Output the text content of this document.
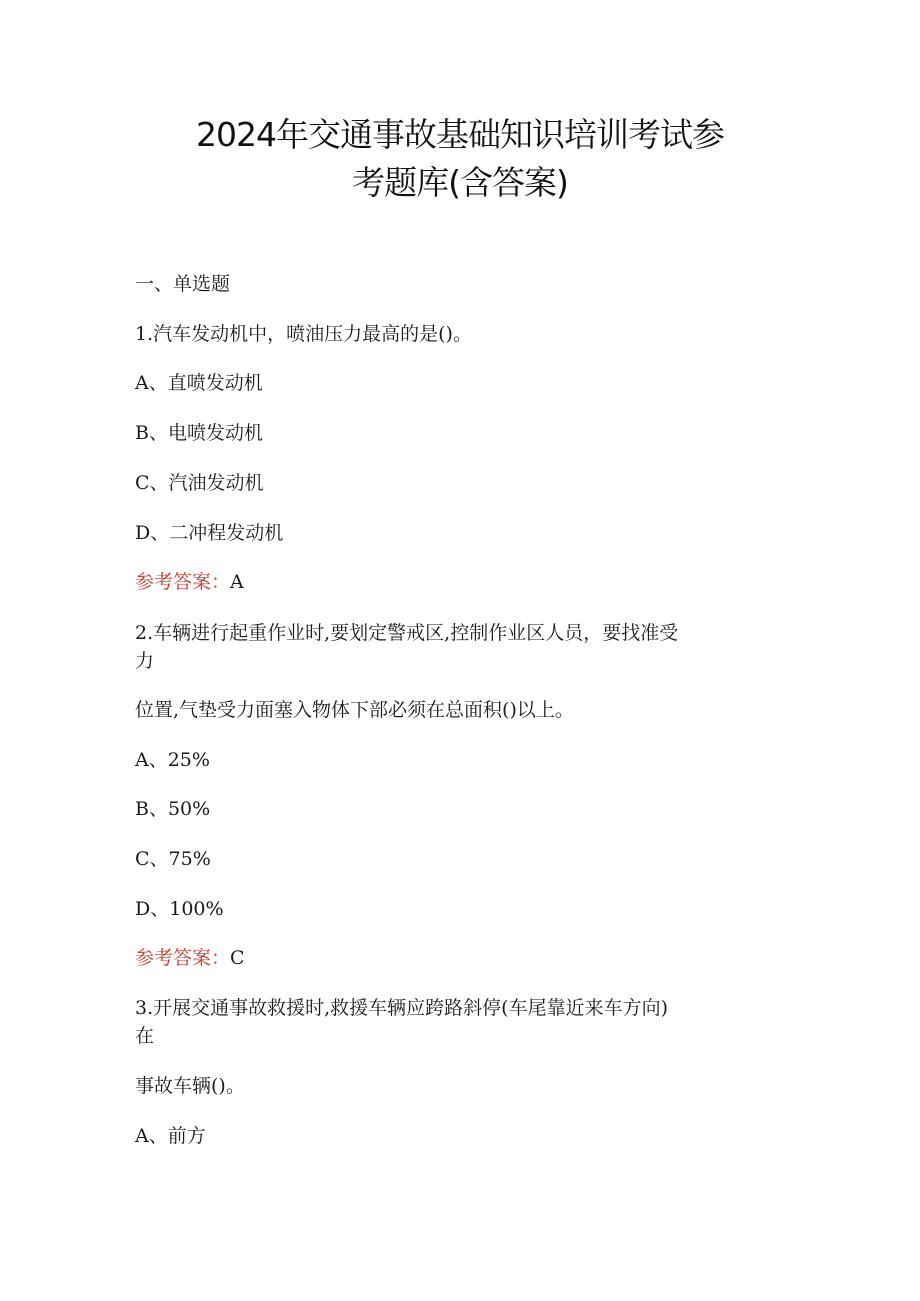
2024年交通事故基础知识培训考试参
考题库(含答案)
一、单选题
1.汽车发动机中，喷油压力最高的是()。
A、直喷发动机
B、电喷发动机
C、汽油发动机
D、二冲程发动机
参考答案：A
2.车辆进行起重作业时,要划定警戒区,控制作业区人员，要找准受
力
位置,气垫受力面塞入物体下部必须在总面积()以上。
A、25%
B、50%
C、75%
D、100%
参考答案：C
3.开展交通事故救援时,救援车辆应跨路斜停(车尾靠近来车方向)
在
事故车辆()。
A、前方
